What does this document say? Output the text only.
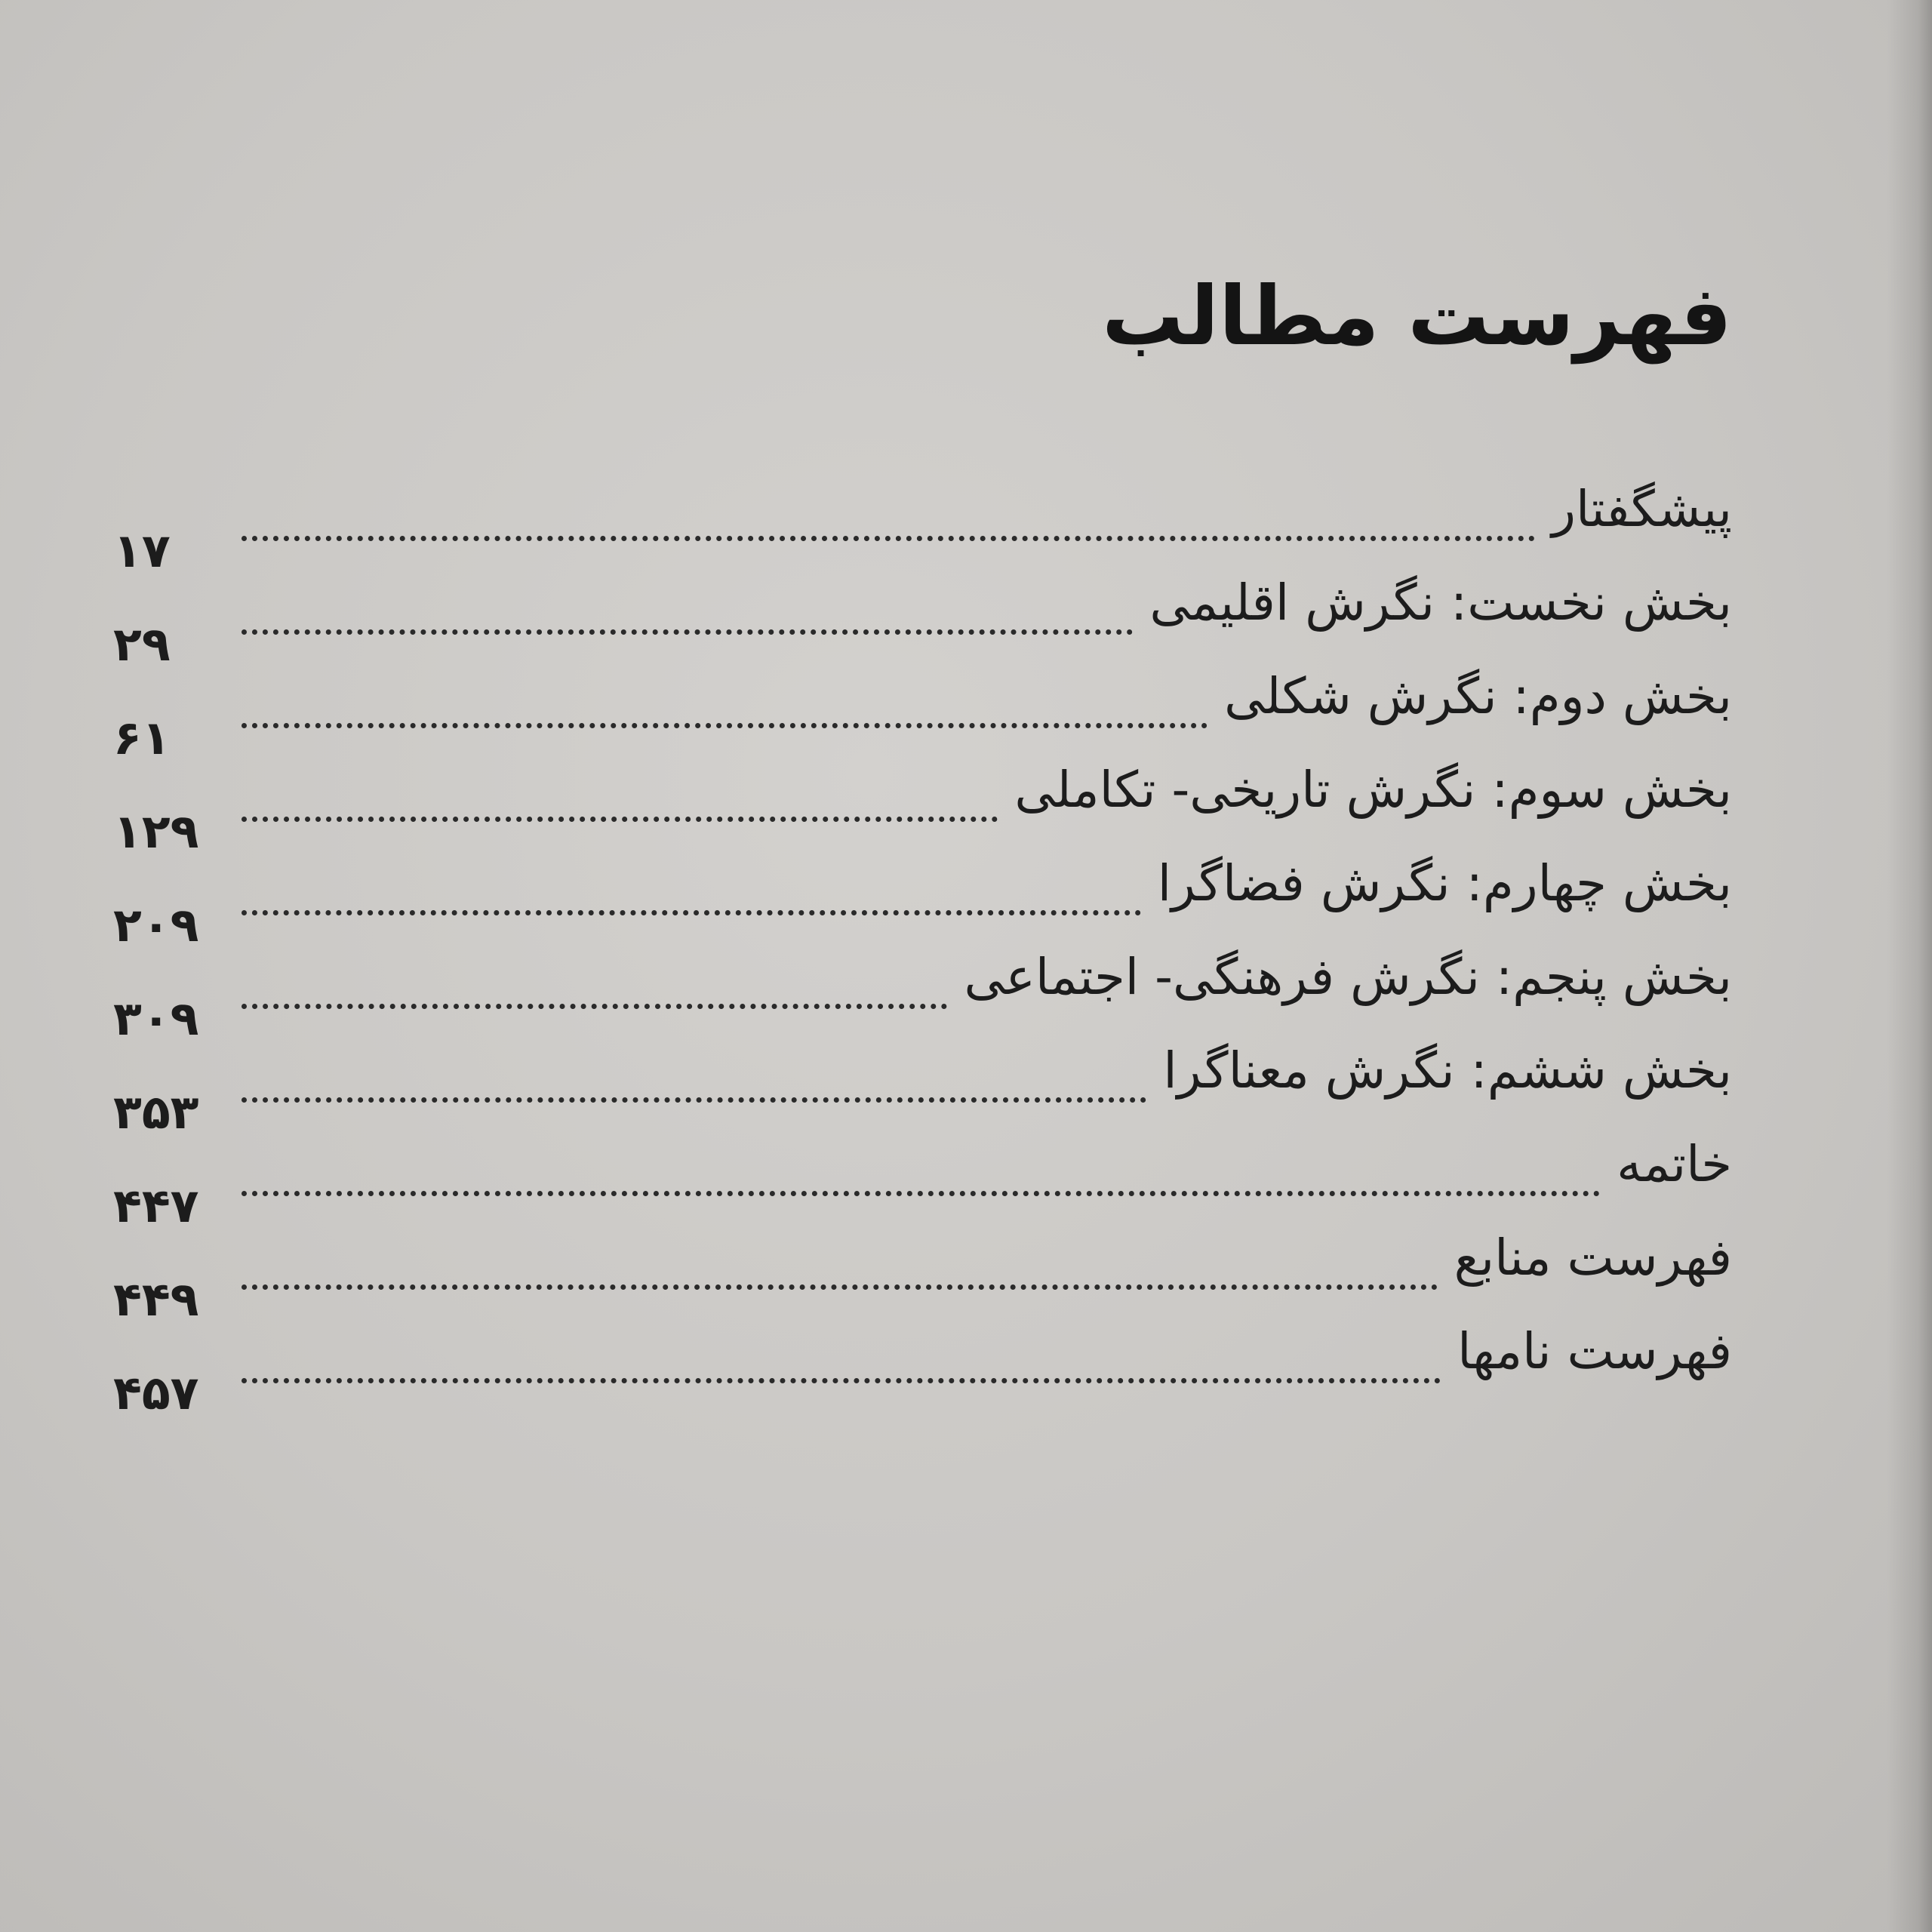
فهرست مطالب
پیشگفتار
۱۷
بخش نخست: نگرش اقلیمی
۲۹
بخش دوم: نگرش شکلی
۶۱
بخش سوم: نگرش تاریخی- تکاملی
۱۲۹
بخش چهارم: نگرش فضاگرا
۲۰۹
بخش پنجم: نگرش فرهنگی- اجتماعی
۳۰۹
بخش ششم: نگرش معناگرا
۳۵۳
خاتمه
۴۴۷
فهرست منابع
۴۴۹
فهرست نامها
۴۵۷
